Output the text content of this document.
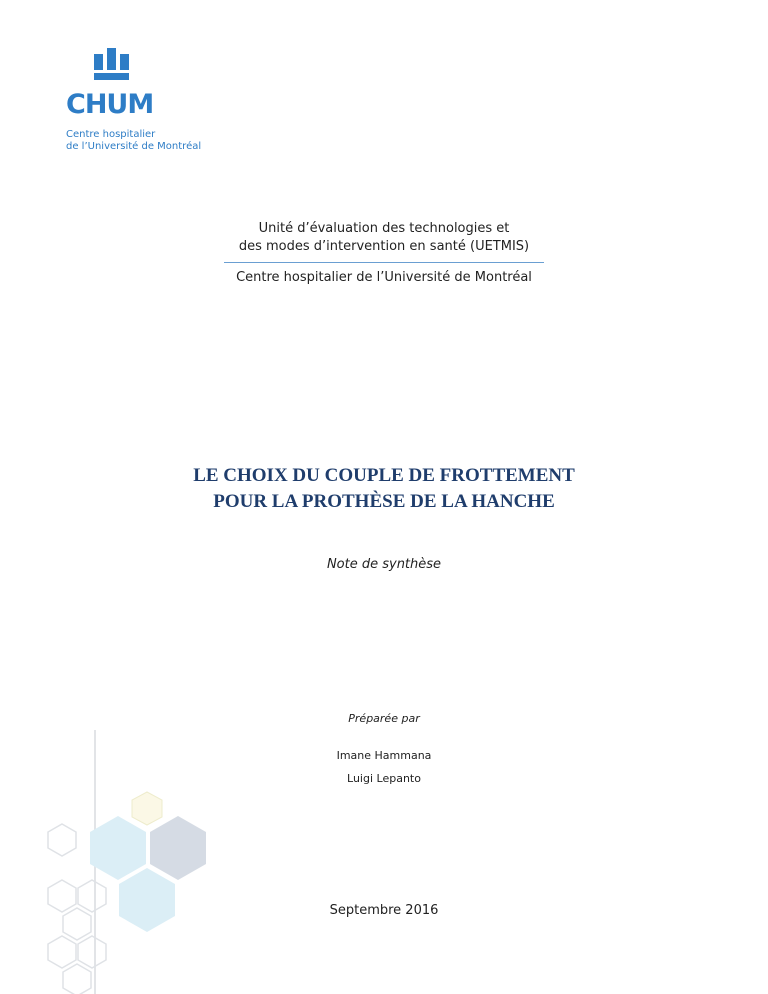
CHUM
Centre hospitalier
de l’Université de Montréal
Unité d’évaluation des technologies et
des modes d’intervention en santé (UETMIS)
Centre hospitalier de l’Université de Montréal
LE CHOIX DU COUPLE DE FROTTEMENT
POUR LA PROTHÈSE DE LA HANCHE
Note de synthèse
Préparée par
Imane Hammana
Luigi Lepanto
Septembre 2016
